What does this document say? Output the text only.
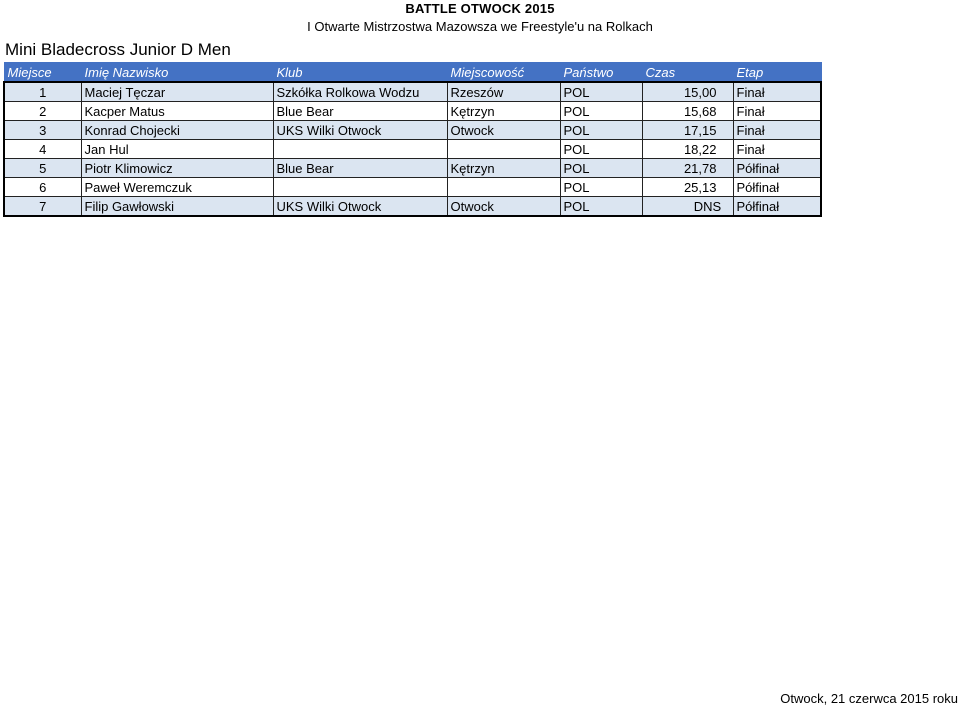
BATTLE OTWOCK 2015
I Otwarte Mistrzostwa Mazowsza we Freestyle'u na Rolkach
Mini Bladecross Junior D Men
Miejsce	Imię Nazwisko	Klub	Miejscowość	Państwo	Czas	Etap
1	Maciej Tęczar	Szkółka Rolkowa Wodzu	Rzeszów	POL	15,00	Finał
2	Kacper Matus	Blue Bear	Kętrzyn	POL	15,68	Finał
3	Konrad Chojecki	UKS Wilki Otwock	Otwock	POL	17,15	Finał
4	Jan Hul			POL	18,22	Finał
5	Piotr Klimowicz	Blue Bear	Kętrzyn	POL	21,78	Półfinał
6	Paweł Weremczuk			POL	25,13	Półfinał
7	Filip Gawłowski	UKS Wilki Otwock	Otwock	POL	DNS	Półfinał
Otwock, 21 czerwca 2015 roku
